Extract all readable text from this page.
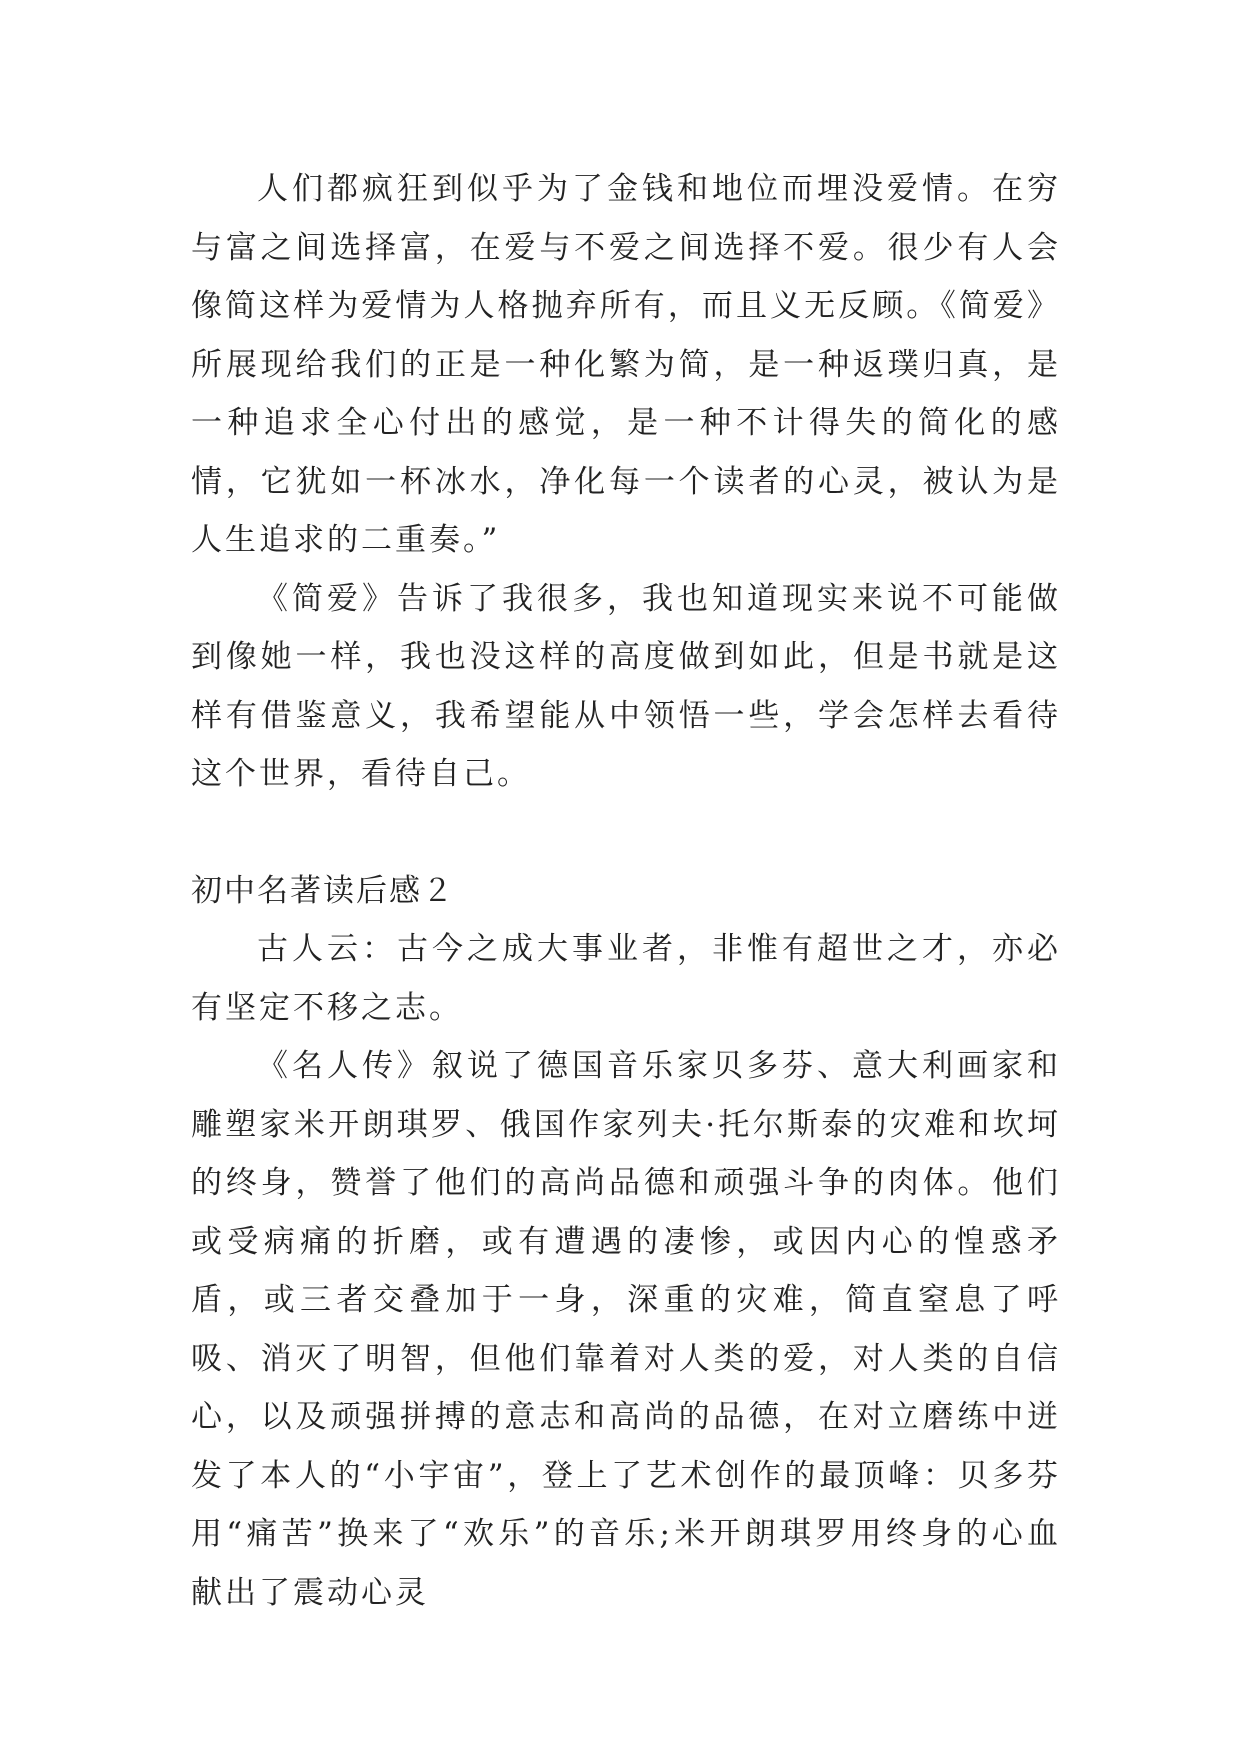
人们都疯狂到似乎为了金钱和地位而埋没爱情。在穷与富之间选择富，在爱与不爱之间选择不爱。很少有人会像简这样为爱情为人格抛弃所有，而且义无反顾。《简爱》所展现给我们的正是一种化繁为简，是一种返璞归真，是一种追求全心付出的感觉，是一种不计得失的简化的感情，它犹如一杯冰水，净化每一个读者的心灵，被认为是人生追求的二重奏。”

《简爱》告诉了我很多，我也知道现实来说不可能做到像她一样，我也没这样的高度做到如此，但是书就是这样有借鉴意义，我希望能从中领悟一些，学会怎样去看待这个世界，看待自己。

初中名著读后感２

古人云：古今之成大事业者，非惟有超世之才，亦必有坚定不移之志。

《名人传》叙说了德国音乐家贝多芬、意大利画家和雕塑家米开朗琪罗、俄国作家列夫·托尔斯泰的灾难和坎坷的终身，赞誉了他们的高尚品德和顽强斗争的肉体。他们或受病痛的折磨，或有遭遇的凄惨，或因内心的惶惑矛盾，或三者交叠加于一身，深重的灾难，简直窒息了呼吸、消灭了明智，但他们靠着对人类的爱，对人类的自信心，以及顽强拼搏的意志和高尚的品德，在对立磨练中迸发了本人的“小宇宙”，登上了艺术创作的最顶峰：贝多芬用“痛苦”换来了“欢乐”的音乐;米开朗琪罗用终身的心血献出了震动心灵
